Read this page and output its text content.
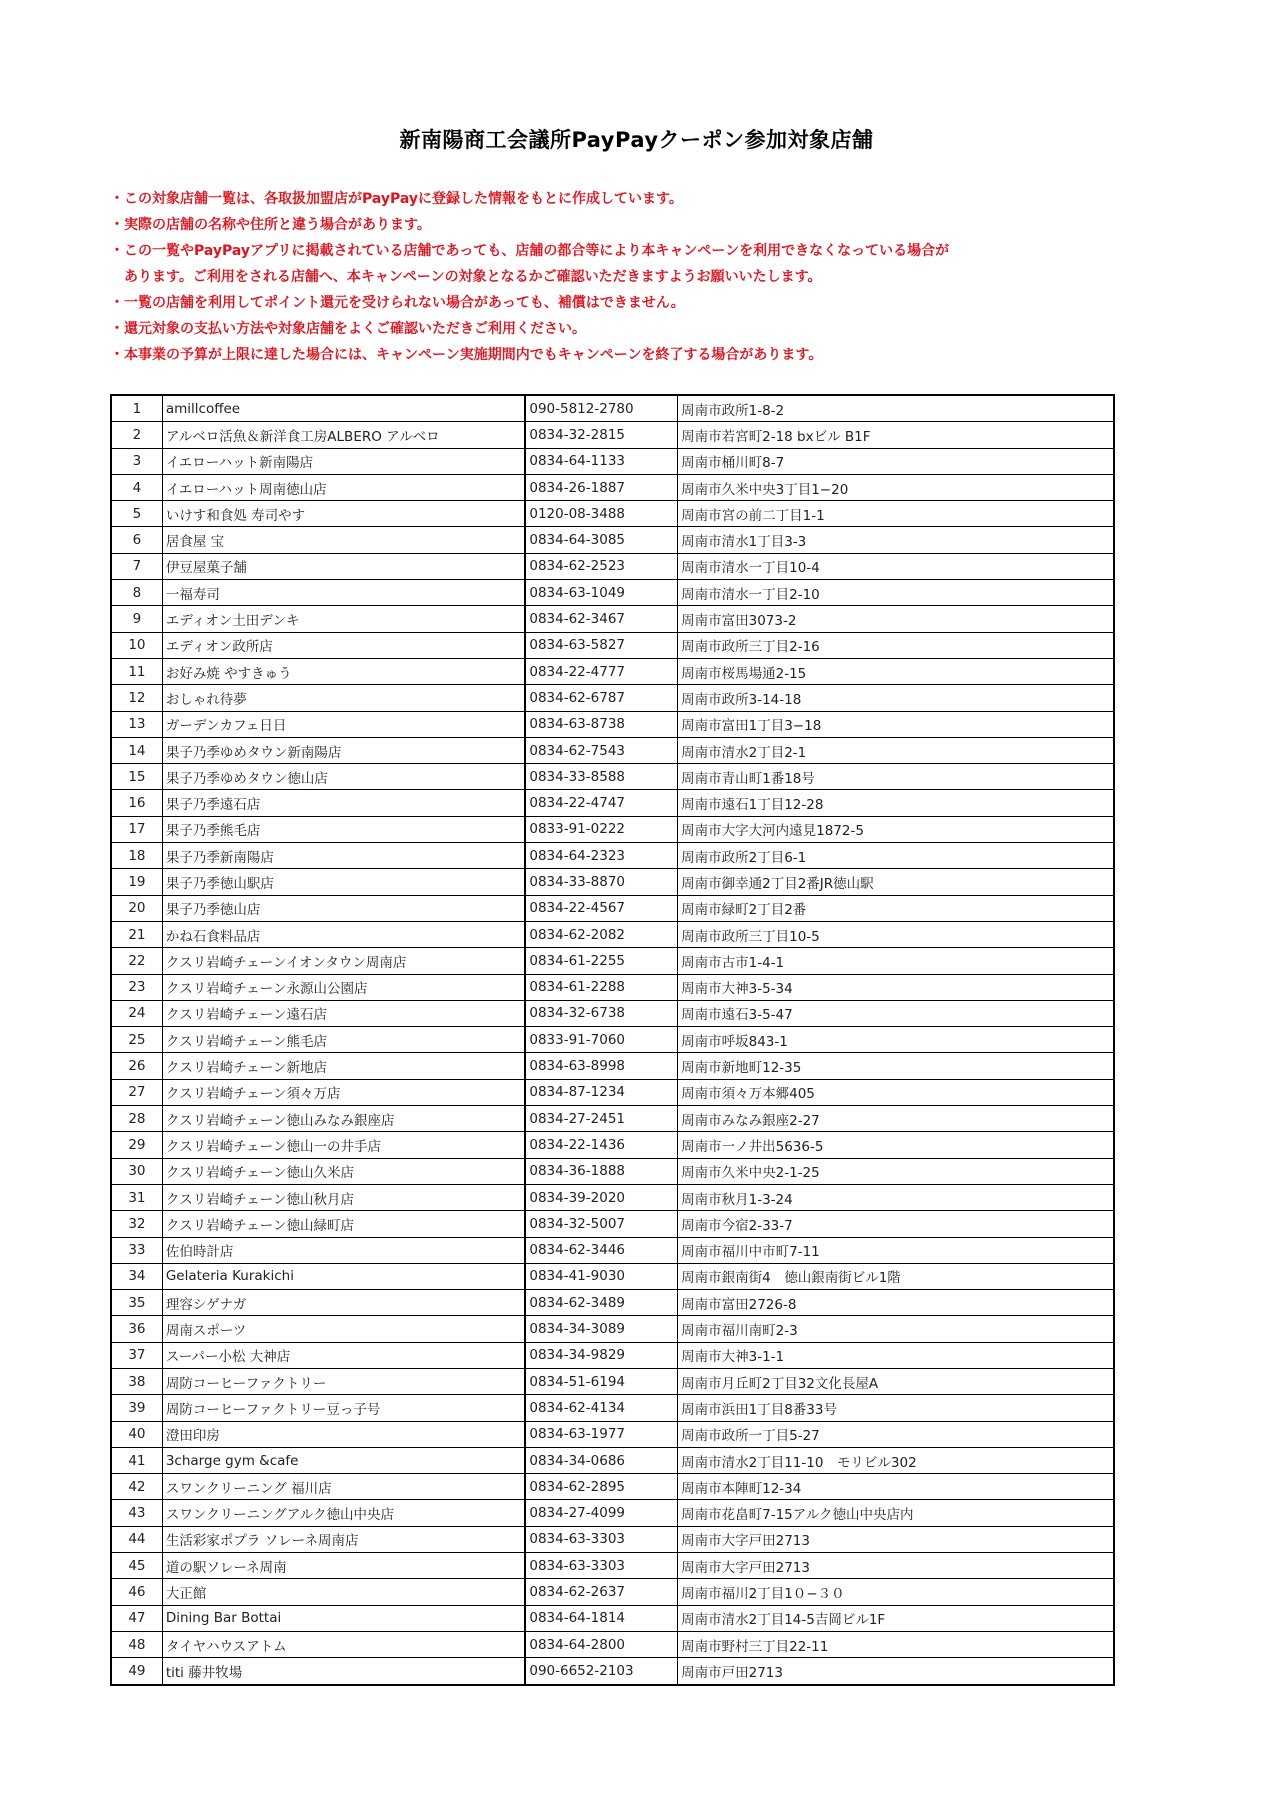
新南陽商工会議所PayPayクーポン参加対象店舗
・この対象店舗一覧は、各取扱加盟店がPayPayに登録した情報をもとに作成しています。
・実際の店舗の名称や住所と違う場合があります。
・この一覧やPayPayアプリに掲載されている店舗であっても、店舗の都合等により本キャンペーンを利用できなくなっている場合が
　あります。ご利用をされる店舗へ、本キャンペーンの対象となるかご確認いただきますようお願いいたします。
・一覧の店舗を利用してポイント還元を受けられない場合があっても、補償はできません。
・還元対象の支払い方法や対象店舗をよくご確認いただきご利用ください。
・本事業の予算が上限に達した場合には、キャンペーン実施期間内でもキャンペーンを終了する場合があります。
1	amillcoffee	090-5812-2780	周南市政所1-8-2
2	アルベロ活魚＆新洋食工房ALBERO アルベロ	0834-32-2815	周南市若宮町2-18 bxビル B1F
3	イエローハット新南陽店	0834-64-1133	周南市桶川町8-7
4	イエローハット周南徳山店	0834-26-1887	周南市久米中央3丁目1−20
5	いけす和食処 寿司やす	0120-08-3488	周南市宮の前二丁目1-1
6	居食屋 宝	0834-64-3085	周南市清水1丁目3-3
7	伊豆屋菓子舗	0834-62-2523	周南市清水一丁目10-4
8	一福寿司	0834-63-1049	周南市清水一丁目2-10
9	エディオン土田デンキ	0834-62-3467	周南市富田3073-2
10	エディオン政所店	0834-63-5827	周南市政所三丁目2-16
11	お好み焼 やすきゅう	0834-22-4777	周南市桜馬場通2-15
12	おしゃれ待夢	0834-62-6787	周南市政所3-14-18
13	ガーデンカフェ日日	0834-63-8738	周南市富田1丁目3−18
14	果子乃季ゆめタウン新南陽店	0834-62-7543	周南市清水2丁目2-1
15	果子乃季ゆめタウン徳山店	0834-33-8588	周南市青山町1番18号
16	果子乃季遠石店	0834-22-4747	周南市遠石1丁目12-28
17	果子乃季熊毛店	0833-91-0222	周南市大字大河内遠見1872-5
18	果子乃季新南陽店	0834-64-2323	周南市政所2丁目6-1
19	果子乃季徳山駅店	0834-33-8870	周南市御幸通2丁目2番JR徳山駅
20	果子乃季徳山店	0834-22-4567	周南市緑町2丁目2番
21	かね石食料品店	0834-62-2082	周南市政所三丁目10-5
22	クスリ岩崎チェーンイオンタウン周南店	0834-61-2255	周南市古市1-4-1
23	クスリ岩崎チェーン永源山公園店	0834-61-2288	周南市大神3-5-34
24	クスリ岩崎チェーン遠石店	0834-32-6738	周南市遠石3-5-47
25	クスリ岩崎チェーン熊毛店	0833-91-7060	周南市呼坂843-1
26	クスリ岩崎チェーン新地店	0834-63-8998	周南市新地町12-35
27	クスリ岩崎チェーン須々万店	0834-87-1234	周南市須々万本郷405
28	クスリ岩崎チェーン徳山みなみ銀座店	0834-27-2451	周南市みなみ銀座2-27
29	クスリ岩崎チェーン徳山一の井手店	0834-22-1436	周南市一ノ井出5636-5
30	クスリ岩崎チェーン徳山久米店	0834-36-1888	周南市久米中央2-1-25
31	クスリ岩崎チェーン徳山秋月店	0834-39-2020	周南市秋月1-3-24
32	クスリ岩崎チェーン徳山緑町店	0834-32-5007	周南市今宿2-33-7
33	佐伯時計店	0834-62-3446	周南市福川中市町7-11
34	Gelateria Kurakichi	0834-41-9030	周南市銀南街4　徳山銀南街ビル1階
35	理容シゲナガ	0834-62-3489	周南市富田2726-8
36	周南スポーツ	0834-34-3089	周南市福川南町2-3
37	スーパー小松 大神店	0834-34-9829	周南市大神3-1-1
38	周防コーヒーファクトリー	0834-51-6194	周南市月丘町2丁目32文化長屋A
39	周防コーヒーファクトリー豆っ子号	0834-62-4134	周南市浜田1丁目8番33号
40	澄田印房	0834-63-1977	周南市政所一丁目5-27
41	3charge gym &cafe	0834-34-0686	周南市清水2丁目11-10　モリビル302
42	スワンクリーニング 福川店	0834-62-2895	周南市本陣町12-34
43	スワンクリーニングアルク徳山中央店	0834-27-4099	周南市花畠町7-15アルク徳山中央店内
44	生活彩家ポプラ ソレーネ周南店	0834-63-3303	周南市大字戸田2713
45	道の駅ソレーネ周南	0834-63-3303	周南市大字戸田2713
46	大正館	0834-62-2637	周南市福川2丁目1０−３０
47	Dining Bar Bottai	0834-64-1814	周南市清水2丁目14-5吉岡ビル1F
48	タイヤハウスアトム	0834-64-2800	周南市野村三丁目22-11
49	titi 藤井牧場	090-6652-2103	周南市戸田2713
